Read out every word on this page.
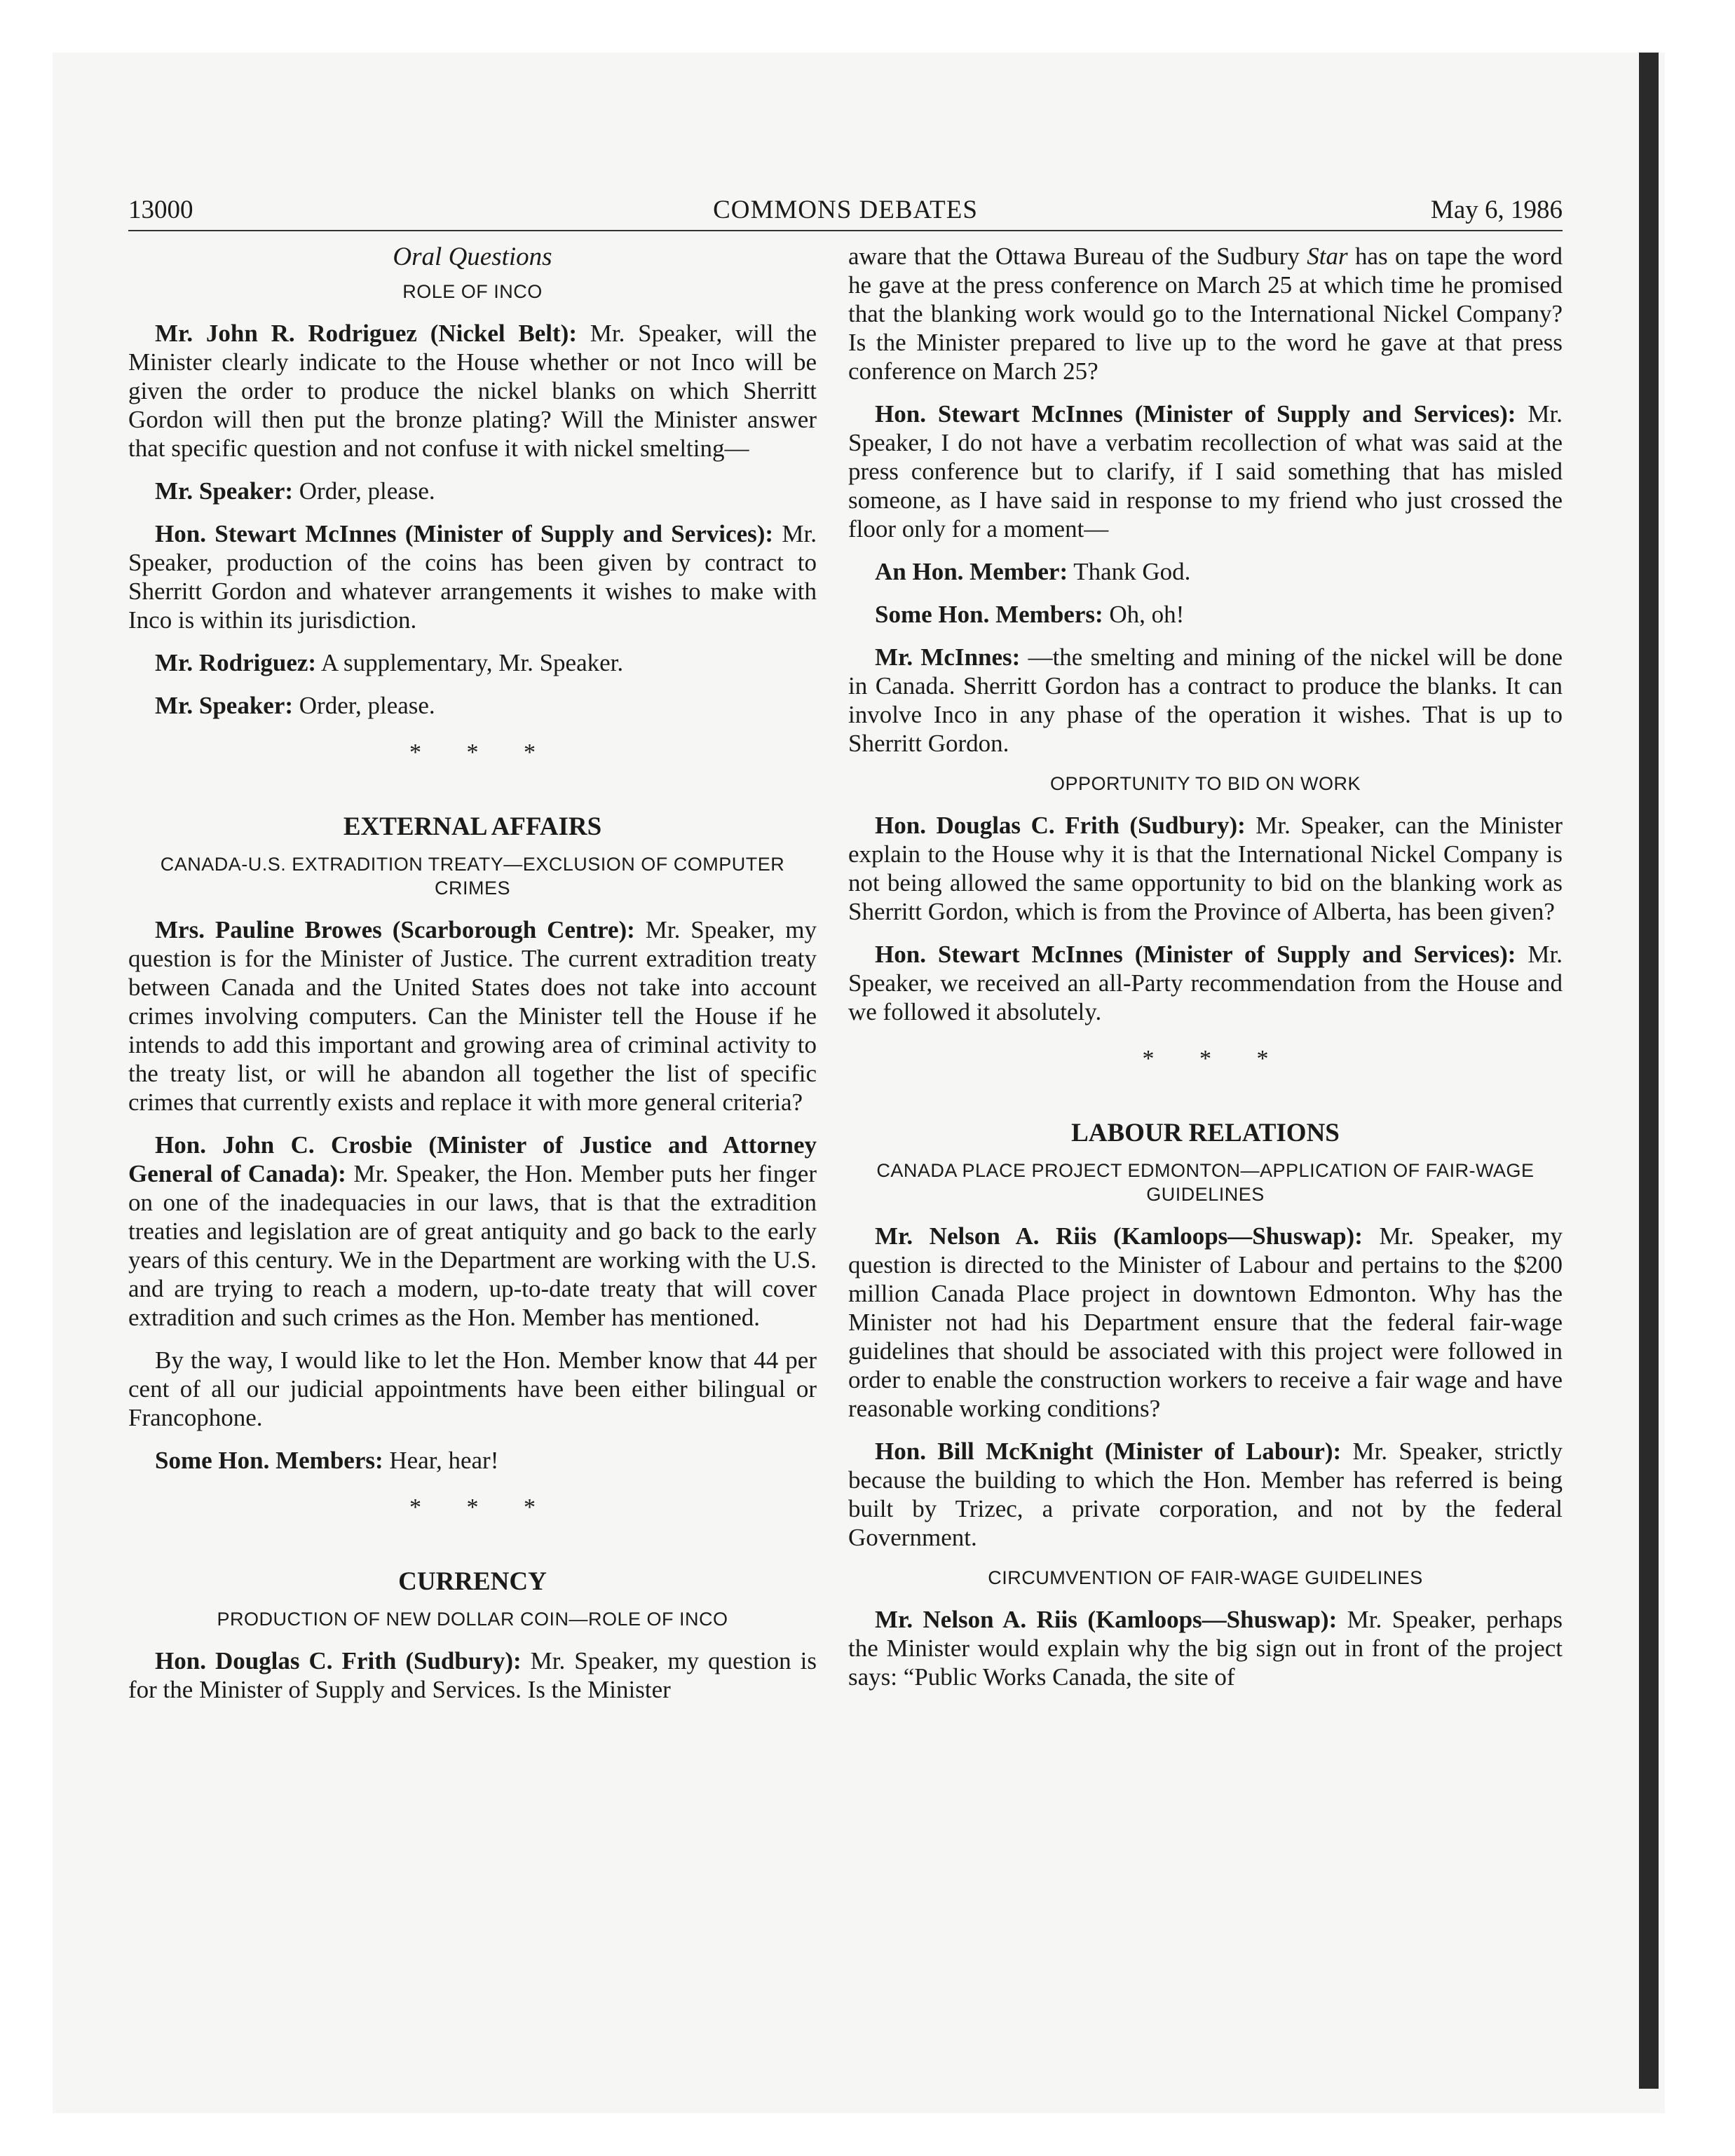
13000	COMMONS DEBATES	May 6, 1986
Oral Questions
ROLE OF INCO

Mr. John R. Rodriguez (Nickel Belt): Mr. Speaker, will the Minister clearly indicate to the House whether or not Inco will be given the order to produce the nickel blanks on which Sherritt Gordon will then put the bronze plating? Will the Minister answer that specific question and not confuse it with nickel smelting—

Mr. Speaker: Order, please.

Hon. Stewart McInnes (Minister of Supply and Services): Mr. Speaker, production of the coins has been given by contract to Sherritt Gordon and whatever arrangements it wishes to make with Inco is within its jurisdiction.

Mr. Rodriguez: A supplementary, Mr. Speaker.

Mr. Speaker: Order, please.

* * *
EXTERNAL AFFAIRS
CANADA-U.S. EXTRADITION TREATY—EXCLUSION OF COMPUTER CRIMES

Mrs. Pauline Browes (Scarborough Centre): Mr. Speaker, my question is for the Minister of Justice. The current extradition treaty between Canada and the United States does not take into account crimes involving computers. Can the Minister tell the House if he intends to add this important and growing area of criminal activity to the treaty list, or will he abandon all together the list of specific crimes that currently exists and replace it with more general criteria?

Hon. John C. Crosbie (Minister of Justice and Attorney General of Canada): Mr. Speaker, the Hon. Member puts her finger on one of the inadequacies in our laws, that is that the extradition treaties and legislation are of great antiquity and go back to the early years of this century. We in the Department are working with the U.S. and are trying to reach a modern, up-to-date treaty that will cover extradition and such crimes as the Hon. Member has mentioned.

By the way, I would like to let the Hon. Member know that 44 per cent of all our judicial appointments have been either bilingual or Francophone.

Some Hon. Members: Hear, hear!

* * *
CURRENCY
PRODUCTION OF NEW DOLLAR COIN—ROLE OF INCO

Hon. Douglas C. Frith (Sudbury): Mr. Speaker, my question is for the Minister of Supply and Services. Is the Minister

aware that the Ottawa Bureau of the Sudbury Star has on tape the word he gave at the press conference on March 25 at which time he promised that the blanking work would go to the International Nickel Company? Is the Minister prepared to live up to the word he gave at that press conference on March 25?

Hon. Stewart McInnes (Minister of Supply and Services): Mr. Speaker, I do not have a verbatim recollection of what was said at the press conference but to clarify, if I said something that has misled someone, as I have said in response to my friend who just crossed the floor only for a moment—

An Hon. Member: Thank God.

Some Hon. Members: Oh, oh!

Mr. McInnes: —the smelting and mining of the nickel will be done in Canada. Sherritt Gordon has a contract to produce the blanks. It can involve Inco in any phase of the operation it wishes. That is up to Sherritt Gordon.

OPPORTUNITY TO BID ON WORK

Hon. Douglas C. Frith (Sudbury): Mr. Speaker, can the Minister explain to the House why it is that the International Nickel Company is not being allowed the same opportunity to bid on the blanking work as Sherritt Gordon, which is from the Province of Alberta, has been given?

Hon. Stewart McInnes (Minister of Supply and Services): Mr. Speaker, we received an all-Party recommendation from the House and we followed it absolutely.

* * *
LABOUR RELATIONS
CANADA PLACE PROJECT EDMONTON—APPLICATION OF FAIR-WAGE GUIDELINES

Mr. Nelson A. Riis (Kamloops—Shuswap): Mr. Speaker, my question is directed to the Minister of Labour and pertains to the $200 million Canada Place project in downtown Edmonton. Why has the Minister not had his Department ensure that the federal fair-wage guidelines that should be associated with this project were followed in order to enable the construction workers to receive a fair wage and have reasonable working conditions?

Hon. Bill McKnight (Minister of Labour): Mr. Speaker, strictly because the building to which the Hon. Member has referred is being built by Trizec, a private corporation, and not by the federal Government.

CIRCUMVENTION OF FAIR-WAGE GUIDELINES

Mr. Nelson A. Riis (Kamloops—Shuswap): Mr. Speaker, perhaps the Minister would explain why the big sign out in front of the project says: “Public Works Canada, the site of
